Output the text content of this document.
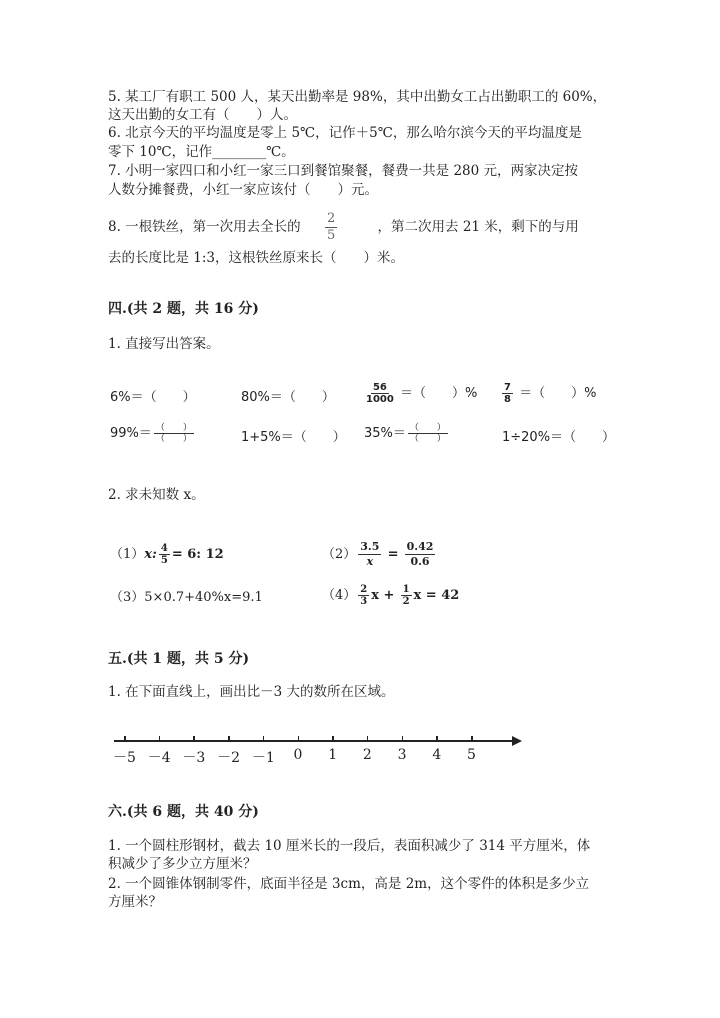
5. 某工厂有职工 500 人，某天出勤率是 98%，其中出勤女工占出勤职工的 60%，
这天出勤的女工有（　　）人。
6. 北京今天的平均温度是零上 5℃，记作＋5℃，那么哈尔滨今天的平均温度是
零下 10℃，记作________℃。
7. 小明一家四口和小红一家三口到餐馆聚餐，餐费一共是 280 元，两家决定按
人数分摊餐费，小红一家应该付（　　）元。
8. 一根铁丝，第一次用去全长的 $\frac{2}{5}$	，第二次用去 21 米，剩下的与用
去的长度比是 1:3，这根铁丝原来长（　　）米。
四.(共 2 题，共 16 分)
1. 直接写出答案。
6%＝（　　）	80%＝（　　）	$\frac{56}{1000}$ ＝（　　）% $\frac{7}{8}$ ＝（　　）%
$99\%= \frac{( )}{( )}$	1+5%＝（　　） $35\%= \frac{( )}{( )}$	1÷20%＝（　　）
2. 求未知数 x。
（1）x: $\frac{4}{5} = 6$: 12	$(2) \frac{3.5}{x} = \frac{0.42}{0.6}$
（3）5×0.7+40%x=9.1	$(4) \frac{2}{3}$ $x + \frac{1}{2}$ x = 42
五.(共 1 题，共 5 分)
1. 在下面直线上，画出比－3 大的数所在区域。
－5 －4 －3 －2 －1	0	1	2	3	4	5
六.(共 6 题，共 40 分)
1. 一个圆柱形钢材，截去 10 厘米长的一段后，表面积减少了 314 平方厘米，体
积减少了多少立方厘米？
2. 一个圆锥体钢制零件，底面半径是 3cm，高是 2m，这个零件的体积是多少立
方厘米？
